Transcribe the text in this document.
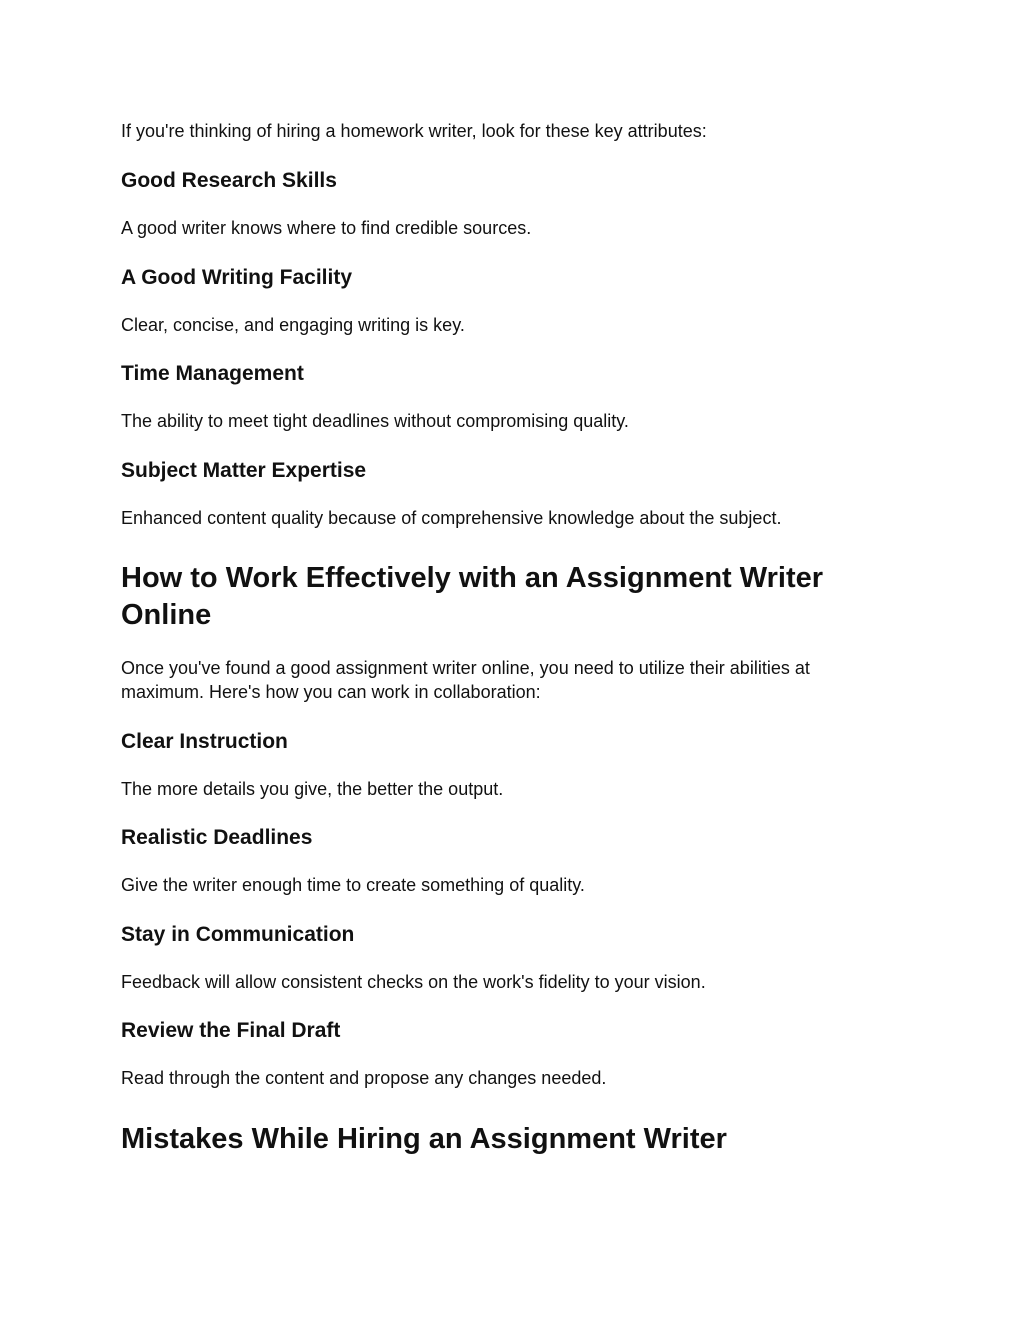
If you're thinking of hiring a homework writer, look for these key attributes:

Good Research Skills

A good writer knows where to find credible sources.

A Good Writing Facility

Clear, concise, and engaging writing is key.

Time Management

The ability to meet tight deadlines without compromising quality.

Subject Matter Expertise

Enhanced content quality because of comprehensive knowledge about the subject.

How to Work Effectively with an Assignment Writer Online

Once you've found a good assignment writer online, you need to utilize their abilities at maximum. Here's how you can work in collaboration:

Clear Instruction

The more details you give, the better the output.

Realistic Deadlines

Give the writer enough time to create something of quality.

Stay in Communication

Feedback will allow consistent checks on the work's fidelity to your vision.

Review the Final Draft

Read through the content and propose any changes needed.

Mistakes While Hiring an Assignment Writer
